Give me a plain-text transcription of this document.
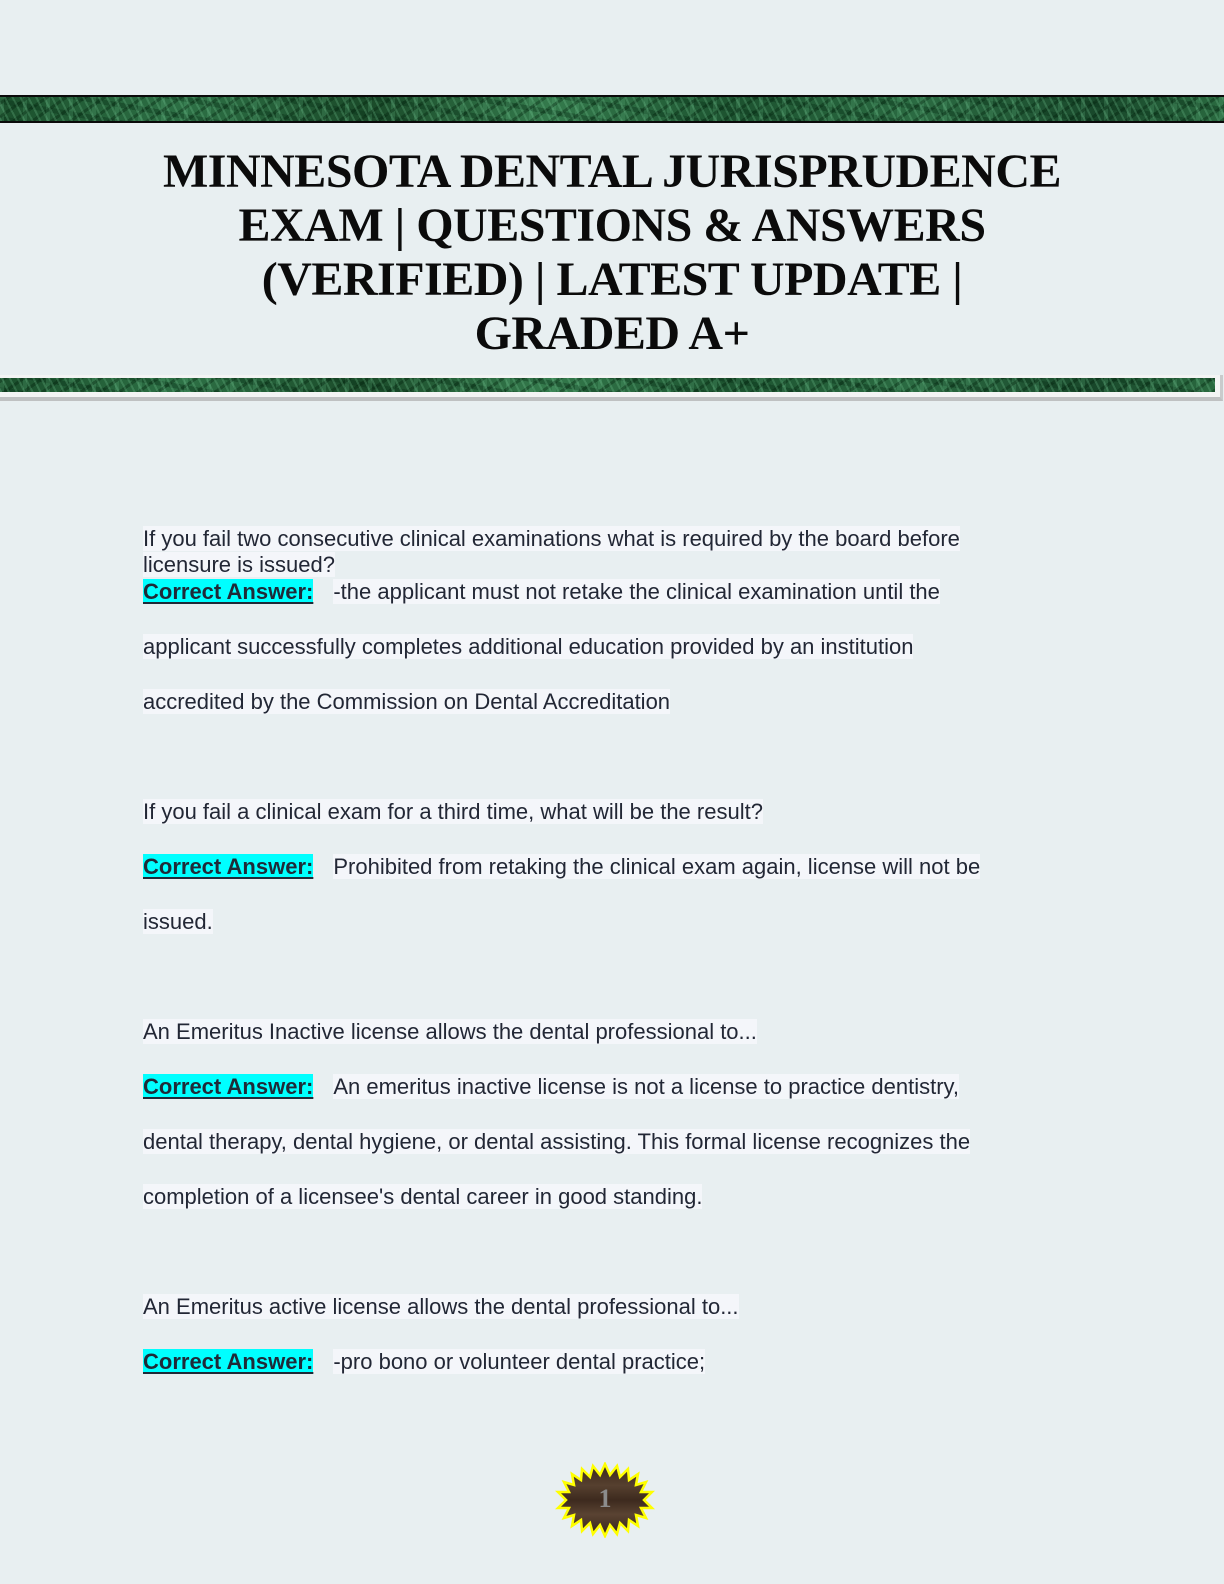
MINNESOTA DENTAL JURISPRUDENCE
EXAM | QUESTIONS & ANSWERS
(VERIFIED) | LATEST UPDATE |
GRADED A+
If you fail two consecutive clinical examinations what is required by the board before
licensure is issued?
Correct Answer: -the applicant must not retake the clinical examination until the
applicant successfully completes additional education provided by an institution
accredited by the Commission on Dental Accreditation
If you fail a clinical exam for a third time, what will be the result?
Correct Answer: Prohibited from retaking the clinical exam again, license will not be
issued.
An Emeritus Inactive license allows the dental professional to...
Correct Answer: An emeritus inactive license is not a license to practice dentistry,
dental therapy, dental hygiene, or dental assisting. This formal license recognizes the
completion of a licensee's dental career in good standing.
An Emeritus active license allows the dental professional to...
Correct Answer: -pro bono or volunteer dental practice;
1
